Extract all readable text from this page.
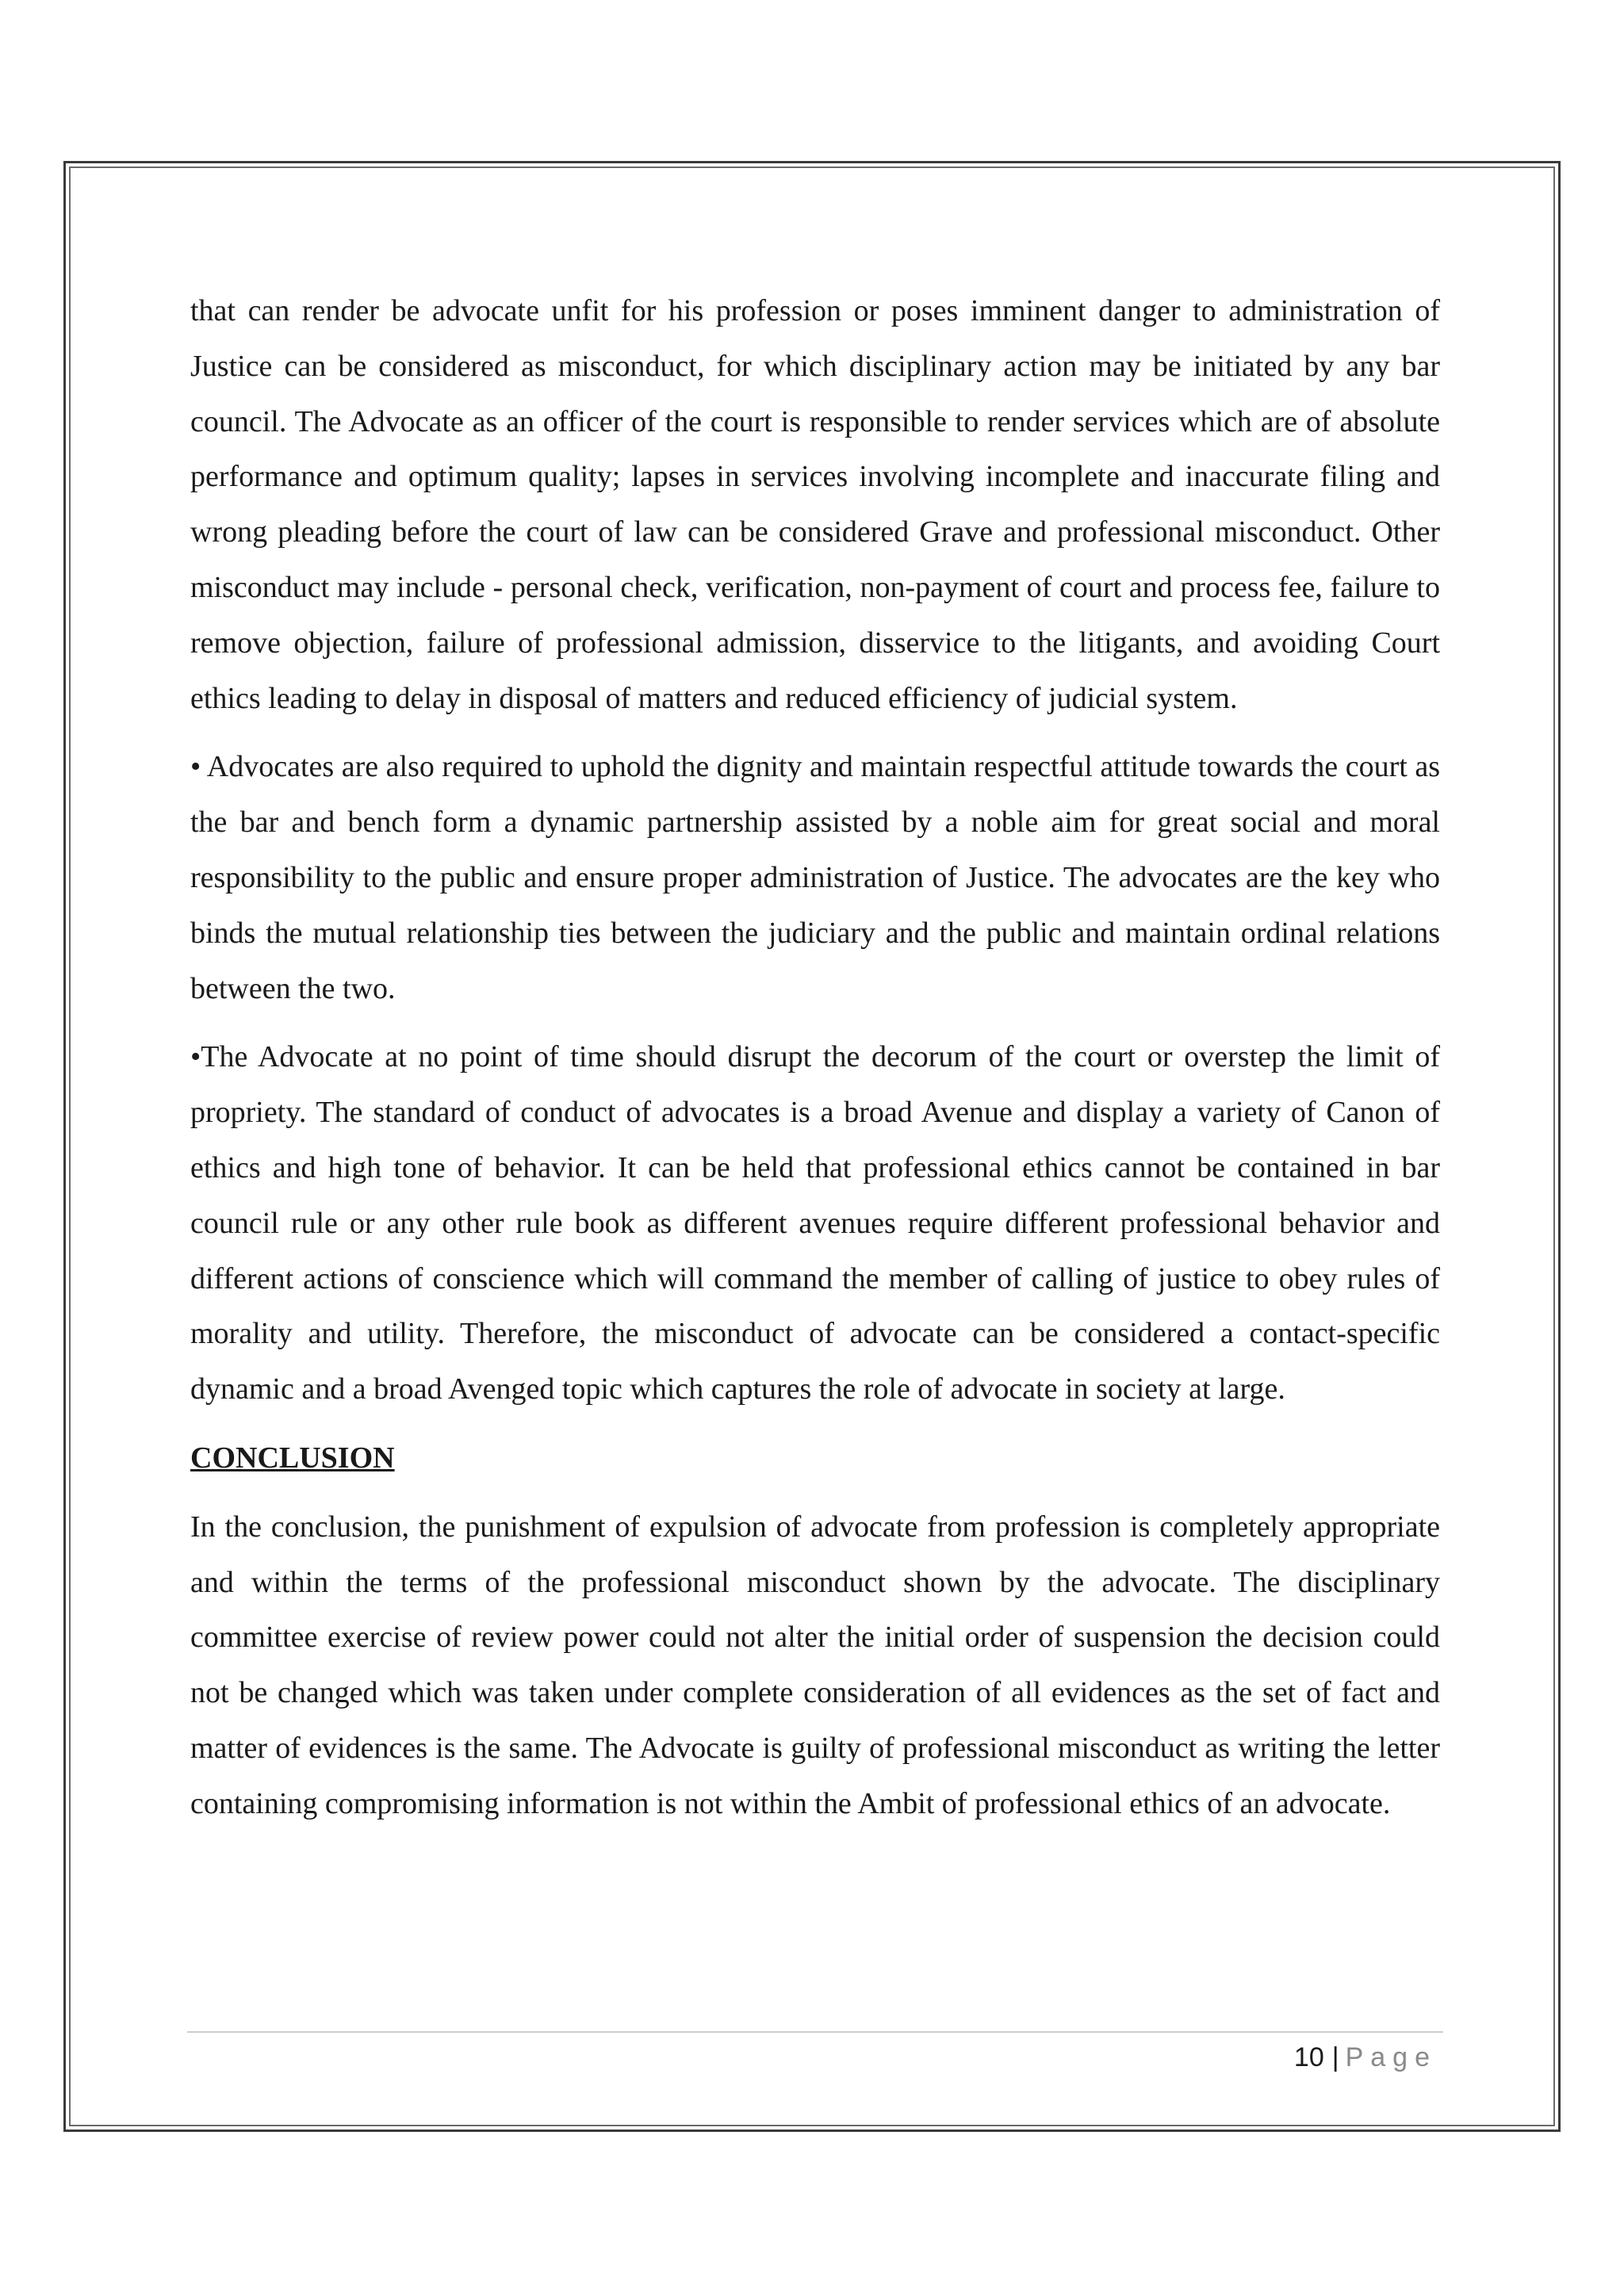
that can render be advocate unfit for his profession or poses imminent danger to administration of Justice can be considered as misconduct, for which disciplinary action may be initiated by any bar council. The Advocate as an officer of the court is responsible to render services which are of absolute performance and optimum quality; lapses in services involving incomplete and inaccurate filing and wrong pleading before the court of law can be considered Grave and professional misconduct. Other misconduct may include - personal check, verification, non-payment of court and process fee, failure to remove objection, failure of professional admission, disservice to the litigants, and avoiding Court ethics leading to delay in disposal of matters and reduced efficiency of judicial system.

• Advocates are also required to uphold the dignity and maintain respectful attitude towards the court as the bar and bench form a dynamic partnership assisted by a noble aim for great social and moral responsibility to the public and ensure proper administration of Justice. The advocates are the key who binds the mutual relationship ties between the judiciary and the public and maintain ordinal relations between the two.

•The Advocate at no point of time should disrupt the decorum of the court or overstep the limit of propriety. The standard of conduct of advocates is a broad Avenue and display a variety of Canon of ethics and high tone of behavior. It can be held that professional ethics cannot be contained in bar council rule or any other rule book as different avenues require different professional behavior and different actions of conscience which will command the member of calling of justice to obey rules of morality and utility. Therefore, the misconduct of advocate can be considered a contact-specific dynamic and a broad Avenged topic which captures the role of advocate in society at large.

CONCLUSION

In the conclusion, the punishment of expulsion of advocate from profession is completely appropriate and within the terms of the professional misconduct shown by the advocate. The disciplinary committee exercise of review power could not alter the initial order of suspension the decision could not be changed which was taken under complete consideration of all evidences as the set of fact and matter of evidences is the same. The Advocate is guilty of professional misconduct as writing the letter containing compromising information is not within the Ambit of professional ethics of an advocate.

10 | Page
